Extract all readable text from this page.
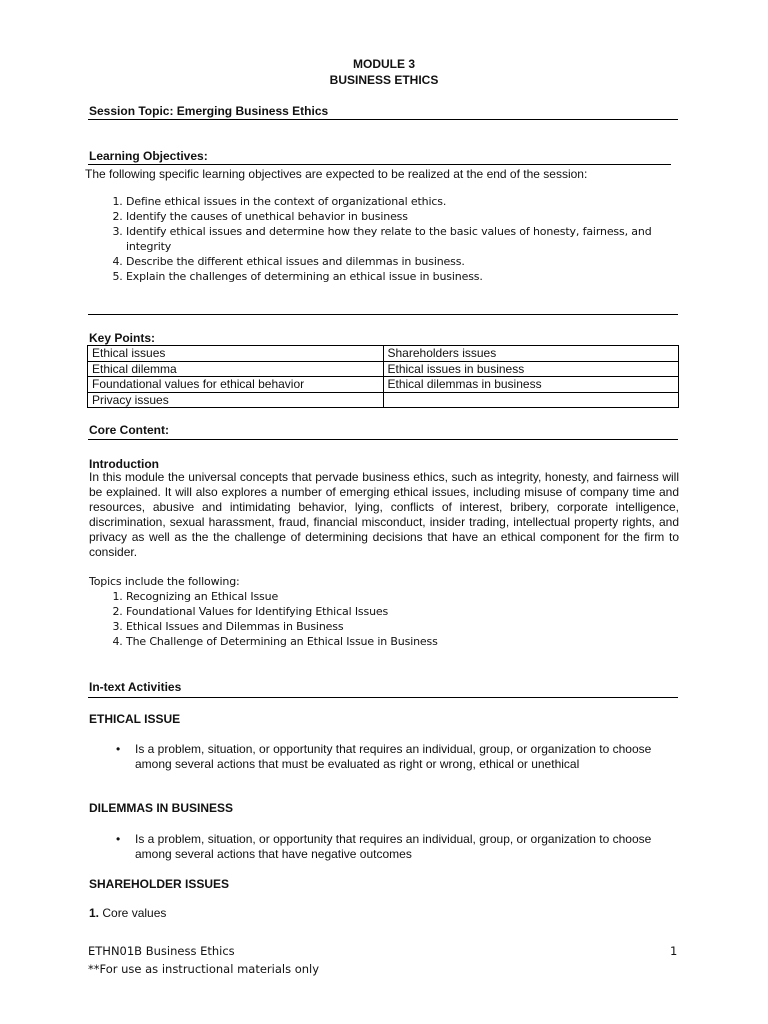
MODULE 3
BUSINESS ETHICS
Session Topic: Emerging Business Ethics
Learning Objectives:
The following specific learning objectives are expected to be realized at the end of the session:
1. Define ethical issues in the context of organizational ethics.
2. Identify the causes of unethical behavior in business
3. Identify ethical issues and determine how they relate to the basic values of honesty, fairness, and integrity
4. Describe the different ethical issues and dilemmas in business.
5. Explain the challenges of determining an ethical issue in business.
Key Points:
Ethical issues	Shareholders issues
Ethical dilemma	Ethical issues in business
Foundational values for ethical behavior	Ethical dilemmas in business
Privacy issues	
Core Content:
Introduction
In this module the universal concepts that pervade business ethics, such as integrity, honesty, and fairness will be explained. It will also explores a number of emerging ethical issues, including misuse of company time and resources, abusive and intimidating behavior, lying, conflicts of interest, bribery, corporate intelligence, discrimination, sexual harassment, fraud, financial misconduct, insider trading, intellectual property rights, and privacy as well as the the challenge of determining decisions that have an ethical component for the firm to consider.
Topics include the following:
1. Recognizing an Ethical Issue
2. Foundational Values for Identifying Ethical Issues
3. Ethical Issues and Dilemmas in Business
4. The Challenge of Determining an Ethical Issue in Business
In-text Activities
ETHICAL ISSUE
• Is a problem, situation, or opportunity that requires an individual, group, or organization to choose among several actions that must be evaluated as right or wrong, ethical or unethical
DILEMMAS IN BUSINESS
• Is a problem, situation, or opportunity that requires an individual, group, or organization to choose among several actions that have negative outcomes
SHAREHOLDER ISSUES
1. Core values
ETHN01B Business Ethics
**For use as instructional materials only
1
